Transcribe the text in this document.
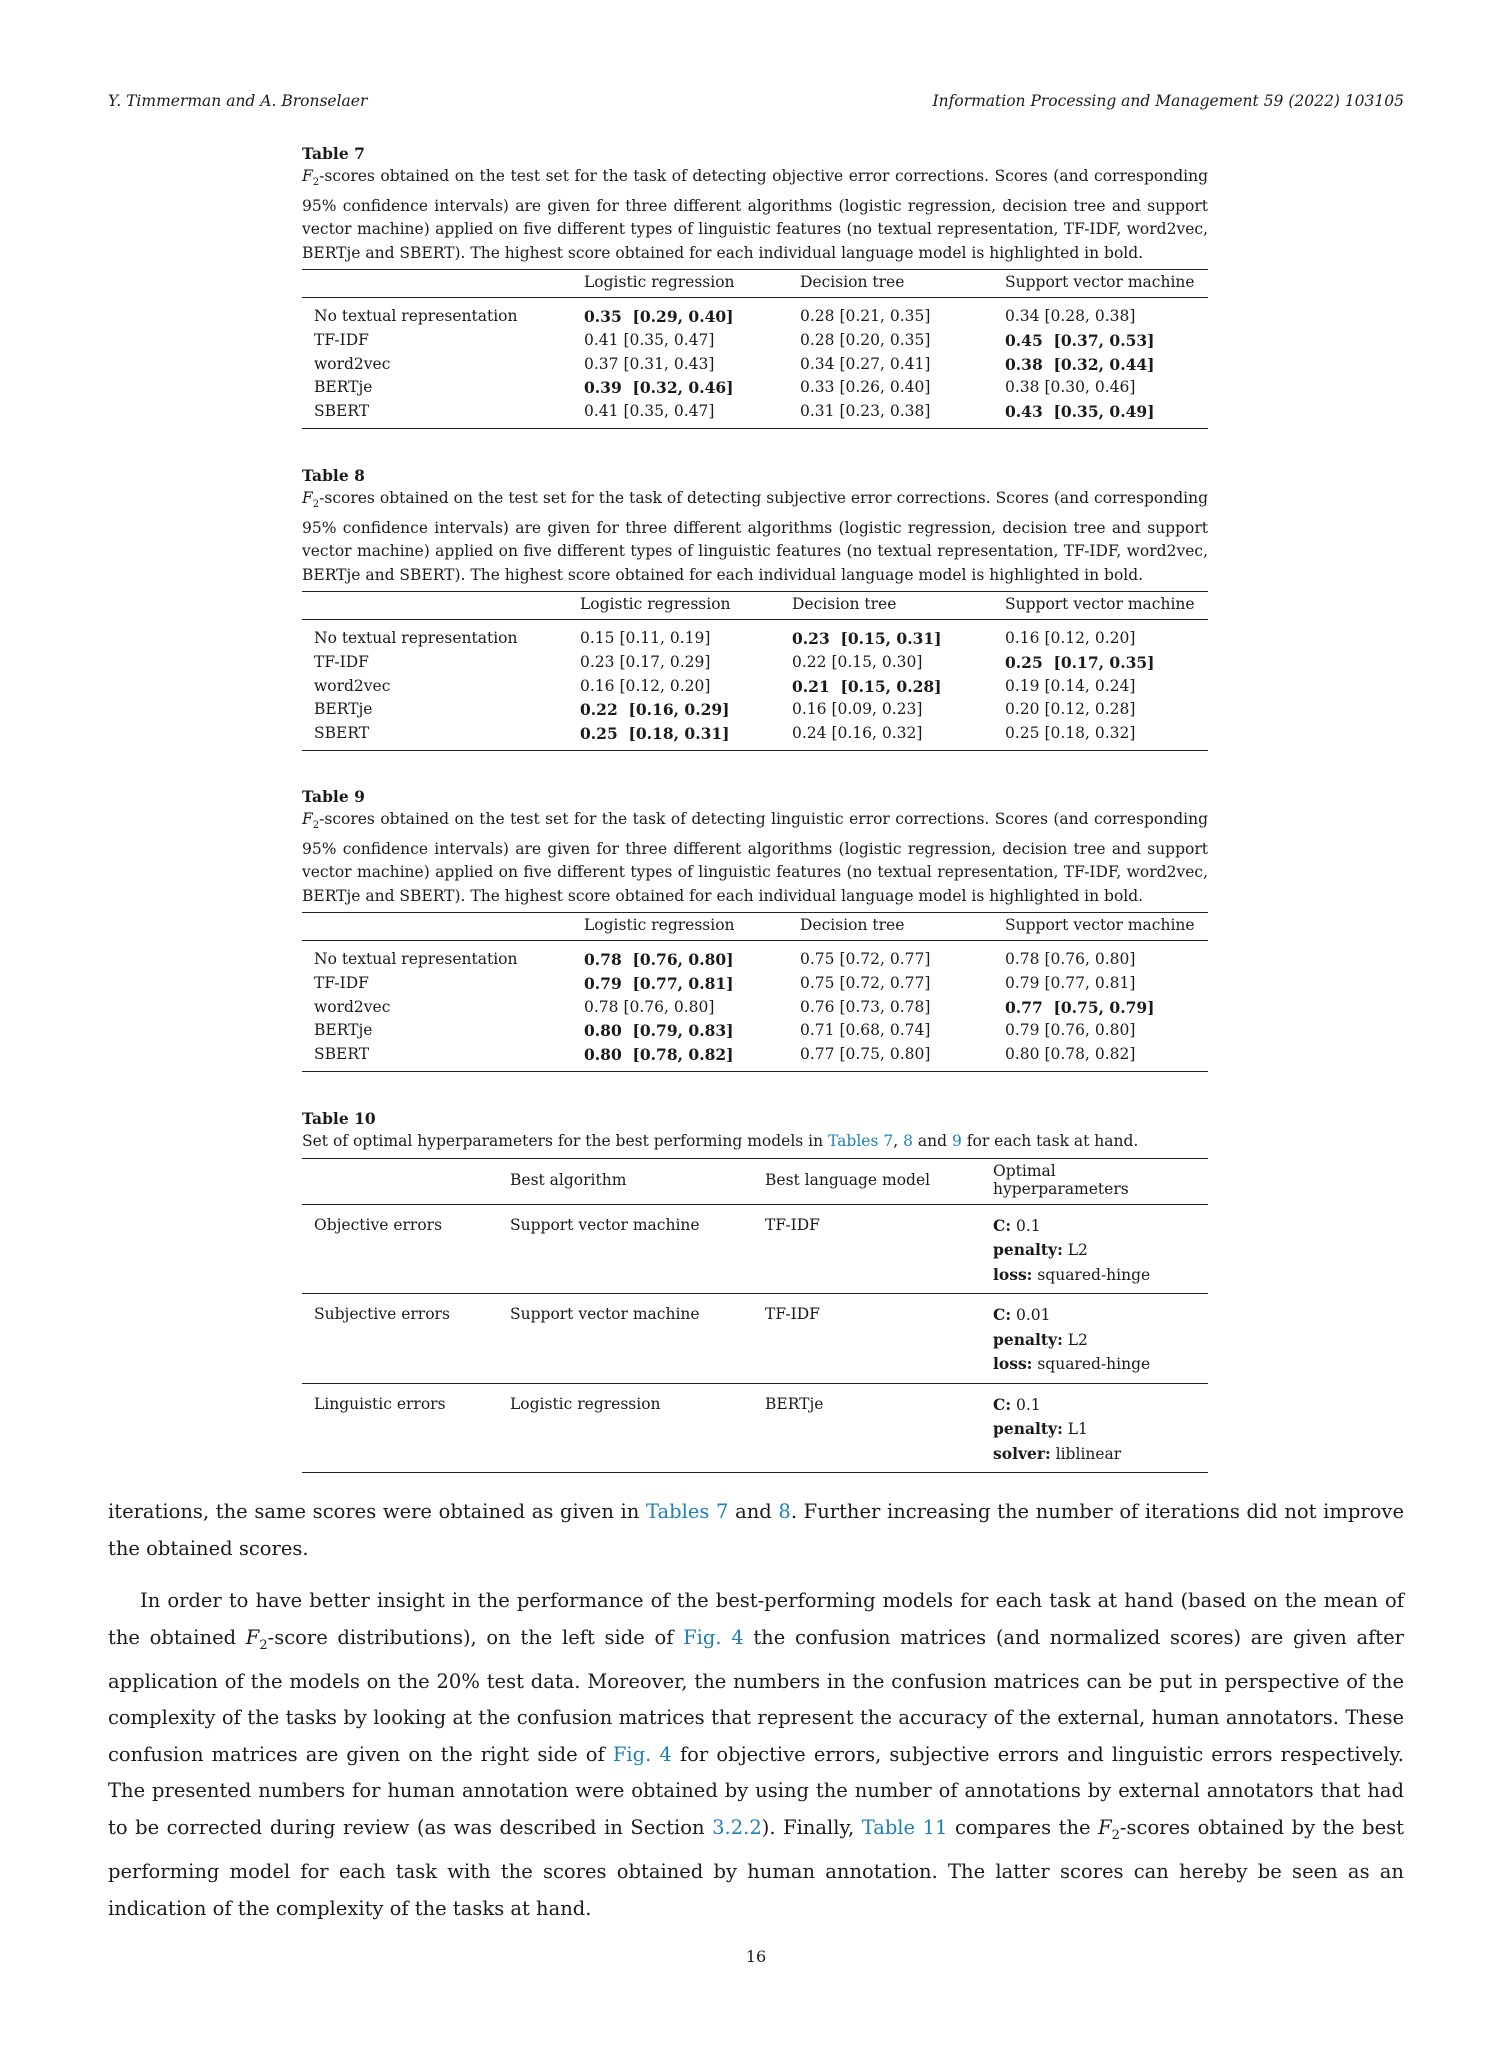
Y. Timmerman and A. Bronselaer	Information Processing and Management 59 (2022) 103105
Table 7
$F_2$-scores obtained on the test set for the task of detecting objective error corrections. Scores (and corresponding 95% confidence intervals) are given for three different algorithms (logistic regression, decision tree and support vector machine) applied on five different types of linguistic features (no textual representation, TF-IDF, word2vec, BERTje and SBERT). The highest score obtained for each individual language model is highlighted in bold.
	Logistic regression	Decision tree	Support vector machine
No textual representation	0.35  [0.29, 0.40]	0.28 [0.21, 0.35]	0.34 [0.28, 0.38]
TF-IDF	0.41 [0.35, 0.47]	0.28 [0.20, 0.35]	0.45  [0.37, 0.53]
word2vec	0.37 [0.31, 0.43]	0.34 [0.27, 0.41]	0.38  [0.32, 0.44]
BERTje	0.39  [0.32, 0.46]	0.33 [0.26, 0.40]	0.38 [0.30, 0.46]
SBERT	0.41 [0.35, 0.47]	0.31 [0.23, 0.38]	0.43  [0.35, 0.49]
Table 8
$F_2$-scores obtained on the test set for the task of detecting subjective error corrections. Scores (and corresponding 95% confidence intervals) are given for three different algorithms (logistic regression, decision tree and support vector machine) applied on five different types of linguistic features (no textual representation, TF-IDF, word2vec, BERTje and SBERT). The highest score obtained for each individual language model is highlighted in bold.
	Logistic regression	Decision tree	Support vector machine
No textual representation	0.15 [0.11, 0.19]	0.23  [0.15, 0.31]	0.16 [0.12, 0.20]
TF-IDF	0.23 [0.17, 0.29]	0.22 [0.15, 0.30]	0.25  [0.17, 0.35]
word2vec	0.16 [0.12, 0.20]	0.21  [0.15, 0.28]	0.19 [0.14, 0.24]
BERTje	0.22  [0.16, 0.29]	0.16 [0.09, 0.23]	0.20 [0.12, 0.28]
SBERT	0.25  [0.18, 0.31]	0.24 [0.16, 0.32]	0.25 [0.18, 0.32]
Table 9
$F_2$-scores obtained on the test set for the task of detecting linguistic error corrections. Scores (and corresponding 95% confidence intervals) are given for three different algorithms (logistic regression, decision tree and support vector machine) applied on five different types of linguistic features (no textual representation, TF-IDF, word2vec, BERTje and SBERT). The highest score obtained for each individual language model is highlighted in bold.
	Logistic regression	Decision tree	Support vector machine
No textual representation	0.78  [0.76, 0.80]	0.75 [0.72, 0.77]	0.78 [0.76, 0.80]
TF-IDF	0.79  [0.77, 0.81]	0.75 [0.72, 0.77]	0.79 [0.77, 0.81]
word2vec	0.78 [0.76, 0.80]	0.76 [0.73, 0.78]	0.77  [0.75, 0.79]
BERTje	0.80  [0.79, 0.83]	0.71 [0.68, 0.74]	0.79 [0.76, 0.80]
SBERT	0.80  [0.78, 0.82]	0.77 [0.75, 0.80]	0.80 [0.78, 0.82]
Table 10
Set of optimal hyperparameters for the best performing models in Tables 7, 8 and 9 for each task at hand.
	Best algorithm	Best language model	Optimal hyperparameters
Objective errors	Support vector machine	TF-IDF	C: 0.1
penalty: L2
loss: squared-hinge

Subjective errors	Support vector machine	TF-IDF	C: 0.01
penalty: L2
loss: squared-hinge

Linguistic errors	Logistic regression	BERTje	C: 0.1
penalty: L1
solver: liblinear

iterations, the same scores were obtained as given in Tables 7 and 8. Further increasing the number of iterations did not improve the obtained scores.

In order to have better insight in the performance of the best-performing models for each task at hand (based on the mean of the obtained $F_2$-score distributions), on the left side of Fig. 4 the confusion matrices (and normalized scores) are given after application of the models on the 20% test data. Moreover, the numbers in the confusion matrices can be put in perspective of the complexity of the tasks by looking at the confusion matrices that represent the accuracy of the external, human annotators. These confusion matrices are given on the right side of Fig. 4 for objective errors, subjective errors and linguistic errors respectively. The presented numbers for human annotation were obtained by using the number of annotations by external annotators that had to be corrected during review (as was described in Section 3.2.2). Finally, Table 11 compares the $F_2$-scores obtained by the best performing model for each task with the scores obtained by human annotation. The latter scores can hereby be seen as an indication of the complexity of the tasks at hand.

16
